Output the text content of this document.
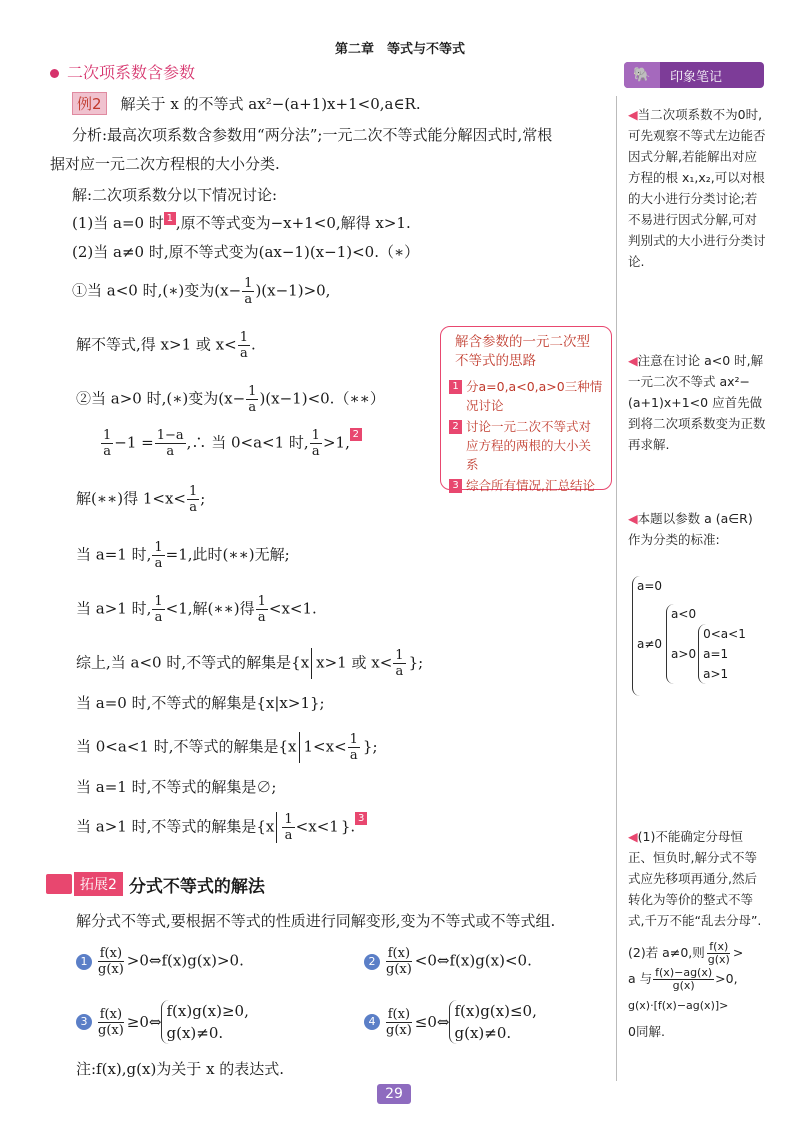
第二章　等式与不等式
二次项系数含参数
例2 解关于 x 的不等式 ax²−(a+1)x+1<0,a∈R.
分析:最高次项系数含参数用“两分法”;一元二次不等式能分解因式时,常根
据对应一元二次方程根的大小分类.
解:二次项系数分以下情况讨论:
(1)当 a=0 时 1 ,原不等式变为−x+1<0,解得 x>1.
(2)当 a≠0 时,原不等式变为(ax−1)(x−1)<0.（∗）
①当 a<0 时,(∗)变为$(x- \frac{1}{a} )(x-1)>0$,
解不等式,得 x>1 或 $x< \frac{1}{a}$ .
②当 a>0 时,(∗)变为($x- \frac{1}{a}$ )(x−1)<0.（∗∗）
$\frac{1}{a} -1 = \frac{1-a}{a}$ ,∴ 当 0<a<1 时, $\frac{1}{a} >1$, 2
解(∗∗)得 $1<x< \frac{1}{a}$ ;
当 a=1 时, $\frac{1}{a} =1$,此时(∗∗)无解;
当 a>1 时, $\frac{1}{a} <1$,解(∗∗)得 $\frac{1}{a} <x<1$.
综上,当 a<0 时,不等式的解集是{x x>1 或 $x< \frac{1}{a}$ };
当 a=0 时,不等式的解集是{x|x>1};
当 0<a<1 时,不等式的解集是{x $1<x< \frac{1}{a}$ };
当 a=1 时,不等式的解集是∅;
当 a>1 时,不等式的解集是{$x \frac{1}{a} <x<1$ }. 3
解含参数的一元二次型不等式的思路
1 分a=0,a<0,a>0三种情况讨论
2 讨论一元二次不等式对应方程的两根的大小关系
3 综合所有情况,汇总结论
🐘	印象笔记
◀当二次项系数不为0时,可先观察不等式左边能否因式分解,若能解出对应方程的根 x₁,x₂,可以对根的大小进行分类讨论;若不易进行因式分解,可对判别式的大小进行分类讨论.
◀注意在讨论 a<0 时,解一元二次不等式 ax²−(a+1)x+1<0 应首先做到将二次项系数变为正数再求解.
◀本题以参数 a (a∈R) 作为分类的标准:
a=0
a≠0
a<0
a>0
0<a<1
a=1
a>1
◀(1)不能确定分母恒正、恒负时,解分式不等式应先移项再通分,然后转化为等价的整式不等式,千万不能“乱去分母”.
(2)若 a≠0,则 $\frac{f(x)}{g(x)}$ >
a 与 $\frac{f(x)-ag(x)}{g(x)} >0$,
g(x)·[f(x)−ag(x)]>
0同解.
拓展2 分式不等式的解法
解分式不等式,要根据不等式的性质进行同解变形,变为不等式或不等式组.
$1 \frac{f(x)}{g(x)}$ >0⇔f(x)g(x)>0.	$2 \frac{f(x)}{g(x)}$ <0⇔f(x)g(x)<0.
$3 \frac{f(x)}{g(x)}$ ≥0⇔
f(x)g(x)≥0,
g(x)≠0.
$4 \frac{f(x)}{g(x)}$ ≤0⇔
f(x)g(x)≤0,
g(x)≠0.
注:f(x),g(x)为关于 x 的表达式.
29
